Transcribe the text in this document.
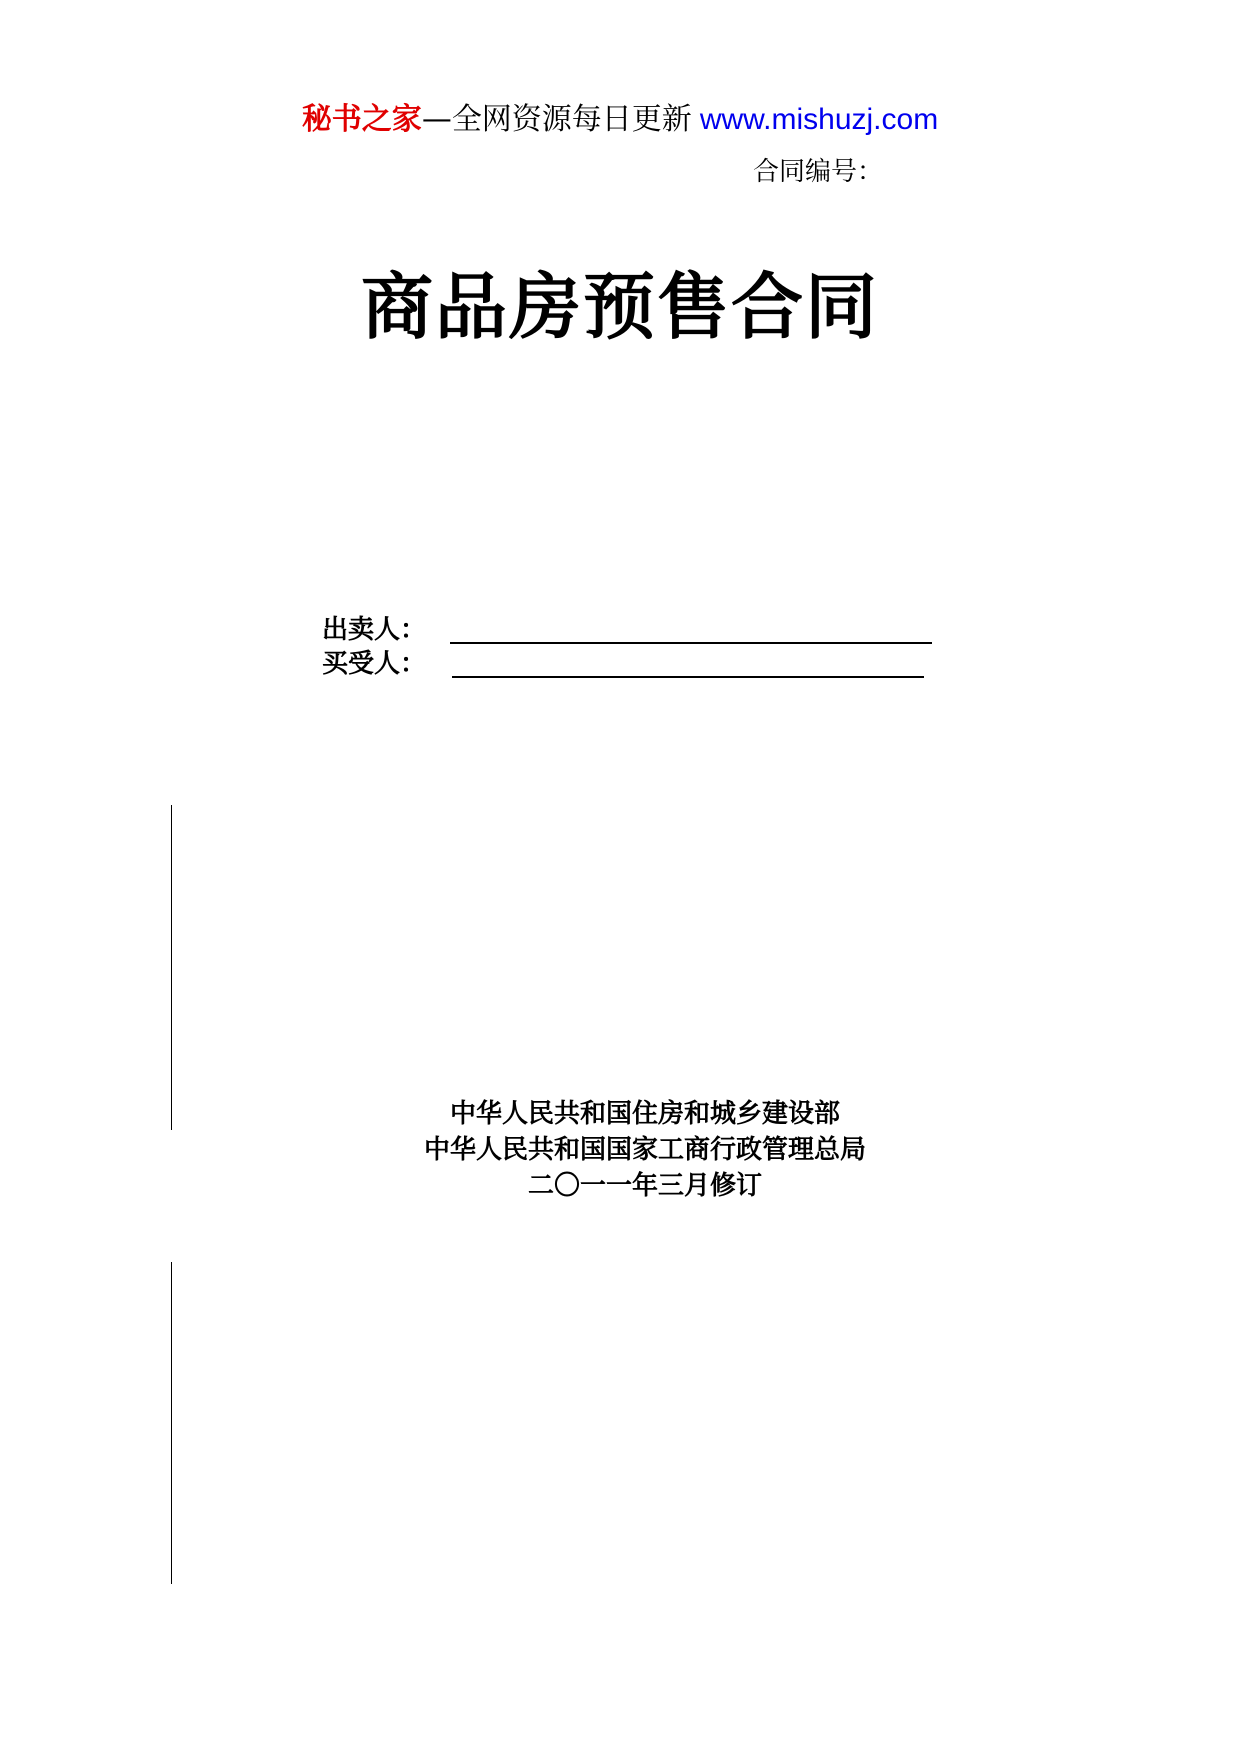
秘书之家—全网资源每日更新 www.mishuzj.com
合同编号：
商品房预售合同
出卖人：
买受人：
中华人民共和国住房和城乡建设部
中华人民共和国国家工商行政管理总局
二〇一一年三月修订
